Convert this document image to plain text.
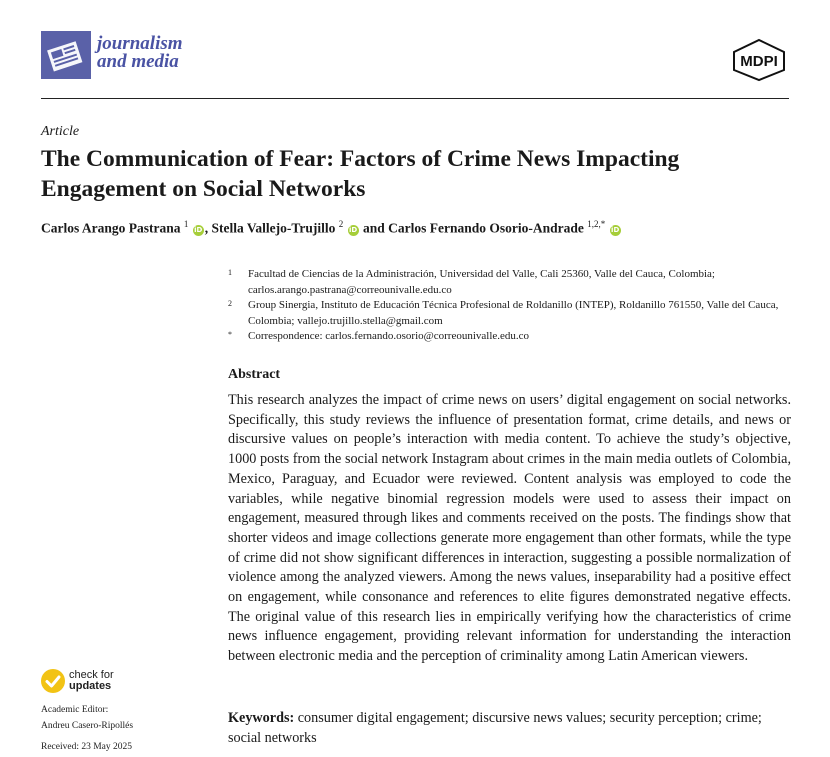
journalism
and media	MDPI
Article
The Communication of Fear: Factors of Crime News Impacting Engagement on Social Networks
Carlos Arango Pastrana $^1$ iD , Stella Vallejo-Trujillo $^2$ iD and Carlos Fernando Osorio-Andrade $^{1,2,*}$ iD
1 Facultad de Ciencias de la Administración, Universidad del Valle, Cali 25360, Valle del Cauca, Colombia; carlos.arango.pastrana@correounivalle.edu.co
2 Group Sinergia, Instituto de Educación Técnica Profesional de Roldanillo (INTEP), Roldanillo 761550, Valle del Cauca, Colombia; vallejo.trujillo.stella@gmail.com
* Correspondence: carlos.fernando.osorio@correounivalle.edu.co
Abstract
This research analyzes the impact of crime news on users’ digital engagement on social networks. Specifically, this study reviews the influence of presentation format, crime details, and news or discursive values on people’s interaction with media content. To achieve the study’s objective, 1000 posts from the social network Instagram about crimes in the main media outlets of Colombia, Mexico, Paraguay, and Ecuador were reviewed. Content analysis was employed to code the variables, while negative binomial regression models were used to assess their impact on engagement, measured through likes and comments received on the posts. The findings show that shorter videos and image collections generate more engagement than other formats, while the type of crime did not show significant differences in interaction, suggesting a possible normalization of violence among the analyzed viewers. Among the news values, inseparability had a positive effect on engagement, while consonance and references to elite figures demonstrated negative effects. The original value of this research lies in empirically verifying how the characteristics of crime news influence engagement, providing relevant information for understanding the interaction between electronic media and the perception of criminality among Latin American viewers.
Keywords: consumer digital engagement; discursive news values; security perception; crime; social networks
check for
updates
Academic Editor:
Andreu Casero-Ripollés
Received: 23 May 2025
